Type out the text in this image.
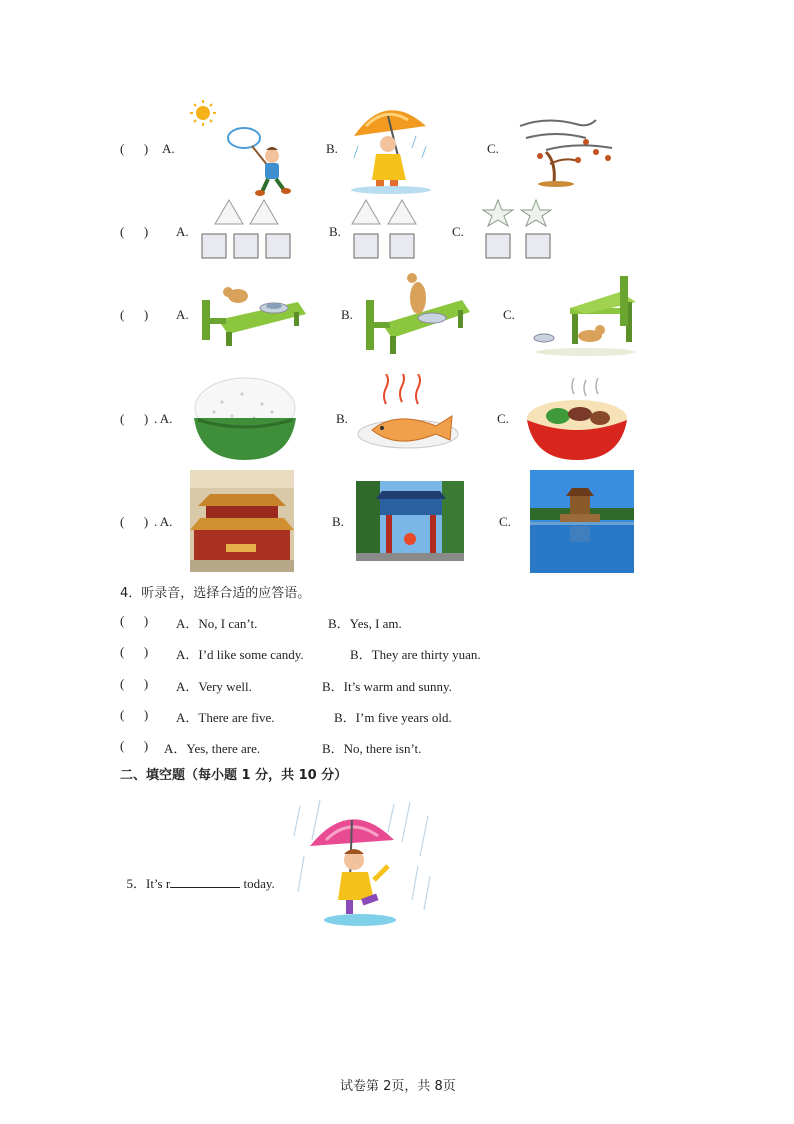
(      ) A.	B.	C.
(      ) A.	B.	C.
(      ) A.	B.	C.
(      ) . A.	B.	C.
(      ) . A.	B.	C.
4．听录音，选择合适的应答语。
(      ) A．No, I can’t.	B．Yes, I am.
(      ) A．I’d like some candy.	B．They are thirty yuan.
(      ) A．Very well.	B．It’s warm and sunny.
(      ) A．There are five.	B．I’m five years old.
(      ) A．Yes, there are.	B．No, there isn’t.
二、填空题（每小题 1 分，共 10 分）

5．It’s r	today.

试卷第 2页，共 8页
